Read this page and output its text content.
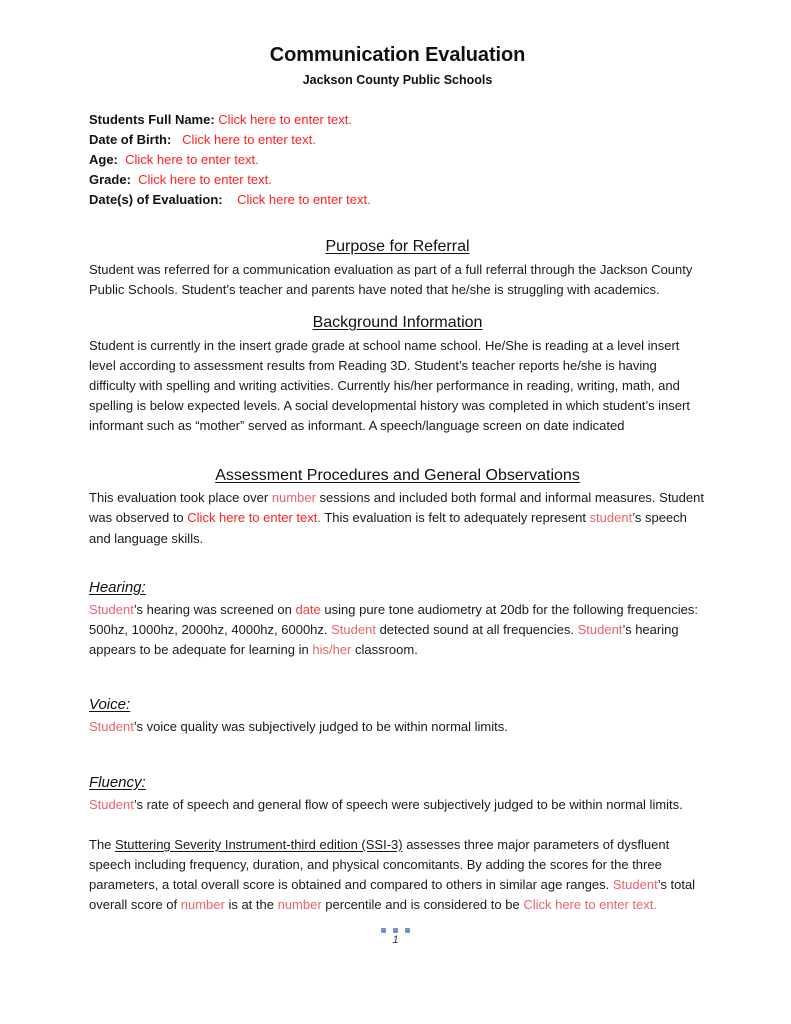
Communication Evaluation
Jackson County Public Schools
Students Full Name: Click here to enter text.
Date of Birth:   Click here to enter text.
Age:  Click here to enter text.
Grade:  Click here to enter text.
Date(s) of Evaluation:    Click here to enter text.
Purpose for Referral

Student was referred for a communication evaluation as part of a full referral through the Jackson County Public Schools. Student’s teacher and parents have noted that he/she is struggling with academics.

Background Information

Student is currently in the insert grade grade at school name school. He/She is reading at a level insert level according to assessment results from Reading 3D. Student’s teacher reports he/she is having difficulty with spelling and writing activities. Currently his/her performance in reading, writing, math, and spelling is below expected levels. A social developmental history was completed in which student’s insert informant such as “mother” served as informant. A speech/language screen on date indicated

Assessment Procedures and General Observations

This evaluation took place over number sessions and included both formal and informal measures. Student was observed to Click here to enter text. This evaluation is felt to adequately represent student’s speech and language skills.

Hearing:

Student’s hearing was screened on date using pure tone audiometry at 20db for the following frequencies: 500hz, 1000hz, 2000hz, 4000hz, 6000hz. Student detected sound at all frequencies. Student’s hearing appears to be adequate for learning in his/her classroom.

Voice:

Student’s voice quality was subjectively judged to be within normal limits.

Fluency:

Student’s rate of speech and general flow of speech were subjectively judged to be within normal limits.

The Stuttering Severity Instrument-third edition (SSI-3) assesses three major parameters of dysfluent speech including frequency, duration, and physical concomitants. By adding the scores for the three parameters, a total overall score is obtained and compared to others in similar age ranges. Student’s total overall score of number is at the number percentile and is considered to be Click here to enter text.

1
